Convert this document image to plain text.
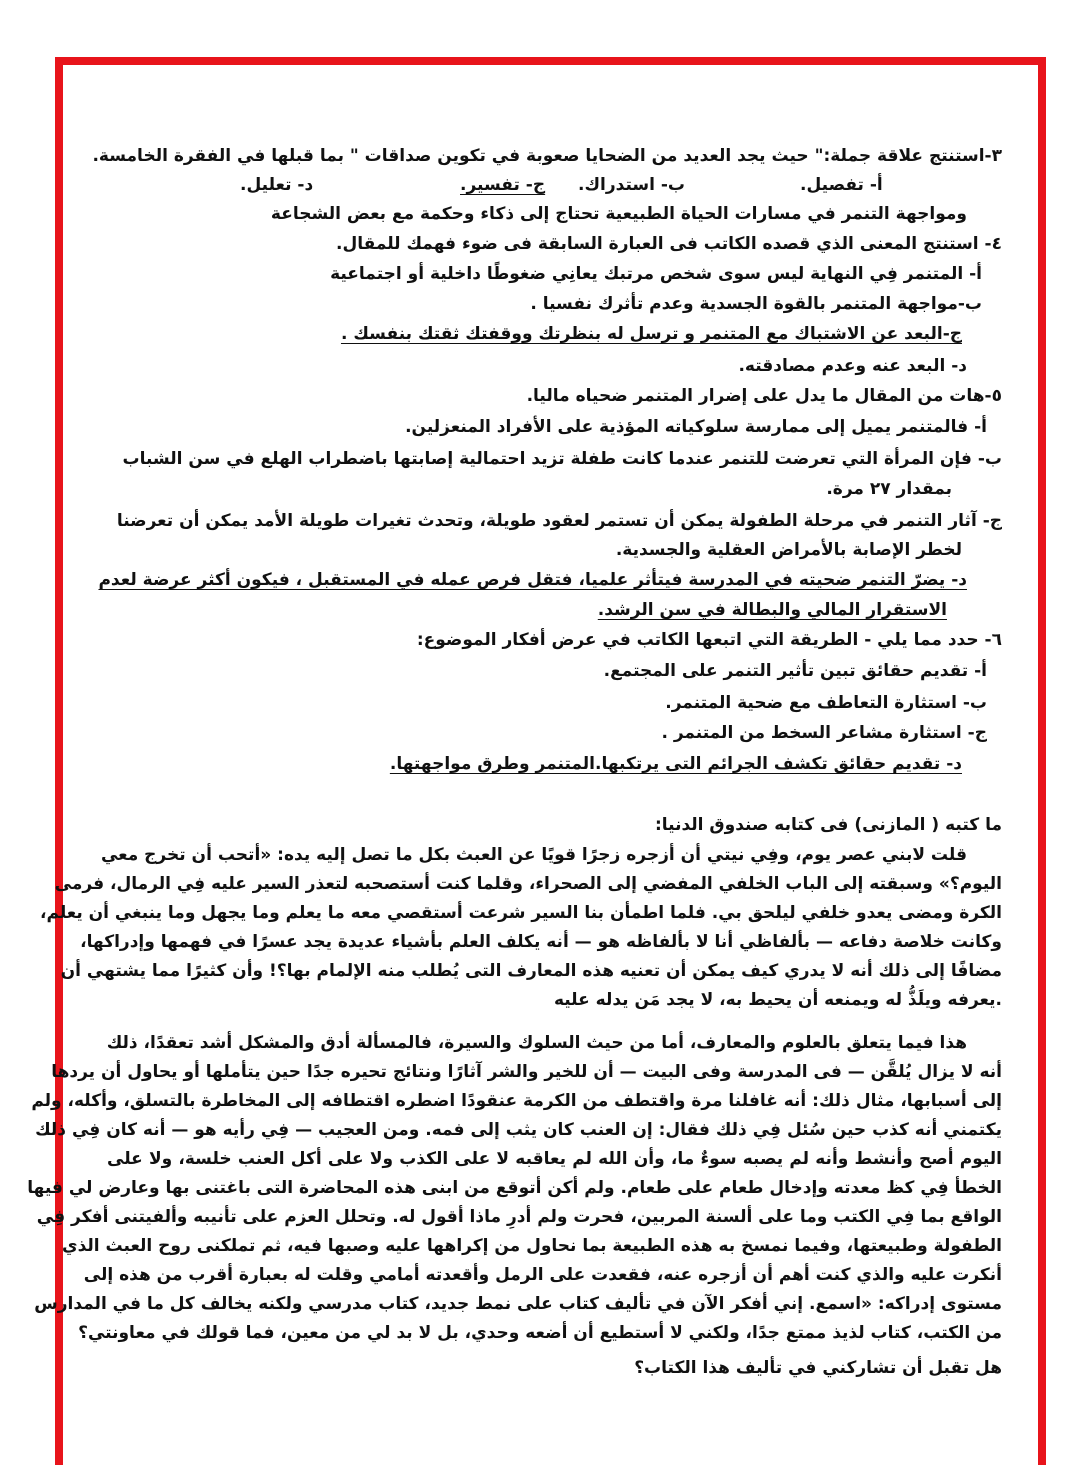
٣-استنتج علاقة جملة:" حيث يجد العديد من الضحايا صعوبة في تكوين صداقات " بما قبلها في الفقرة الخامسة.
أ- تفصيل.
ب- استدراك.
ج- تفسير.
د- تعليل.
ومواجهة التنمر في مسارات الحياة الطبيعية تحتاج إلى ذكاء وحكمة مع بعض الشجاعة
٤- استنتج المعنى الذي قصده الكاتب فى العبارة السابقة فى ضوء فهمك للمقال.
أ- المتنمر فِي النهاية ليس سوى شخص مرتبك يعانِي ضغوطًا داخلية أو اجتماعية
ب-مواجهة المتنمر بالقوة الجسدية وعدم تأثرك نفسيا .
ج-البعد عن الاشتباك مع المتنمر و ترسل له بنظرتك ووقفتك ثقتك بنفسك .
د- البعد عنه وعدم مصادقته.
٥-هات من المقال ما يدل على إضرار المتنمر ضحياه ماليا.
أ- فالمتنمر يميل إلى ممارسة سلوكياته المؤذية على الأفراد المنعزلين.
ب- فإن المرأة التي تعرضت للتنمر عندما كانت طفلة تزيد احتمالية إصابتها باضطراب الهلع في سن الشباب
بمقدار ٢٧ مرة.
ج- آثار التنمر في مرحلة الطفولة يمكن أن تستمر لعقود طويلة، وتحدث تغيرات طويلة الأمد يمكن أن تعرضنا
لخطر الإصابة بالأمراض العقلية والجسدية.
د- يضرّ التنمر ضحيته في المدرسة فيتأثر علميا، فتقل فرص عمله في المستقبل ، فيكون أكثر عرضة لعدم
الاستقرار المالي والبطالة في سن الرشد.
٦- حدد مما يلي - الطريقة التي اتبعها الكاتب في عرض أفكار الموضوع:
أ- تقديم حقائق تبين تأثير التنمر على المجتمع.
ب- استثارة التعاطف مع ضحية المتنمر.
ج- استثارة مشاعر السخط من المتنمر .
د- تقديم حقائق تكشف الجرائم التى يرتكبها.المتنمر وطرق مواجهتها.
ما كتبه ( المازنى) فى كتابه صندوق الدنيا:
قلت لابني عصر يوم، وفِي نيتي أن أزجره زجرًا قويًا عن العبث بكل ما تصل إليه يده: «أتحب أن تخرج معي
اليوم؟» وسبقته إلى الباب الخلفي المفضي إلى الصحراء، وقلما كنت أستصحبه لتعذر السير عليه فِي الرمال، فرمى
الكرة ومضى يعدو خلفي ليلحق بي. فلما اطمأن بنا السير شرعت أستقصي معه ما يعلم وما يجهل وما ينبغي أن يعلم،
وكانت خلاصة دفاعه — بألفاظي أنا لا بألفاظه هو — أنه يكلف العلم بأشياء عديدة يجد عسرًا في فهمها وإدراكها،
مضافًا إلى ذلك أنه لا يدري كيف يمكن أن تعنيه هذه المعارف التى يُطلب منه الإلمام بها؟! وأن كثيرًا مما يشتهي أن
.يعرفه ويلَذُّ له ويمنعه أن يحيط به، لا يجد مَن يدله عليه
هذا فيما يتعلق بالعلوم والمعارف، أما من حيث السلوك والسيرة، فالمسألة أدق والمشكل أشد تعقدًا، ذلك
أنه لا يزال يُلقَّن — فى المدرسة وفى البيت — أن للخير والشر آثارًا ونتائج تحيره جدًا حين يتأملها أو يحاول أن يردها
إلى أسبابها، مثال ذلك: أنه غافلنا مرة واقتطف من الكرمة عنقودًا اضطره اقتطافه إلى المخاطرة بالتسلق، وأكله، ولم
يكتمني أنه كذب حين سُئل فِي ذلك فقال: إن العنب كان يثب إلى فمه. ومن العجيب — فِي رأيه هو — أنه كان فِي ذلك
اليوم أصح وأنشط وأنه لم يصبه سوءٌ ما، وأن الله لم يعاقبه لا على الكذب ولا على أكل العنب خلسة، ولا على
الخطأ فِي كظ معدته وإدخال طعام على طعام. ولم أكن أتوقع من ابنى هذه المحاضرة التى باغتنى بها وعارض لي فيها
الواقع بما فِي الكتب وما على ألسنة المربين، فحرت ولم أدرِ ماذا أقول له. وتحلل العزم على تأنيبه وألفيتنى أفكر فِي
الطفولة وطبيعتها، وفيما نمسخ به هذه الطبيعة بما نحاول من إكراهها عليه وصبها فيه، ثم تملكنى روح العبث الذي
أنكرت عليه والذي كنت أهم أن أزجره عنه، فقعدت على الرمل وأقعدته أمامي وقلت له بعبارة أقرب من هذه إلى
مستوى إدراكه: «اسمع. إني أفكر الآن في تأليف كتاب على نمط جديد، كتاب مدرسي ولكنه يخالف كل ما في المدارس
من الكتب، كتاب لذيذ ممتع جدًا، ولكني لا أستطيع أن أضعه وحدي، بل لا بد لي من معين، فما قولك في معاونتي؟
هل تقبل أن تشاركني في تأليف هذا الكتاب؟
